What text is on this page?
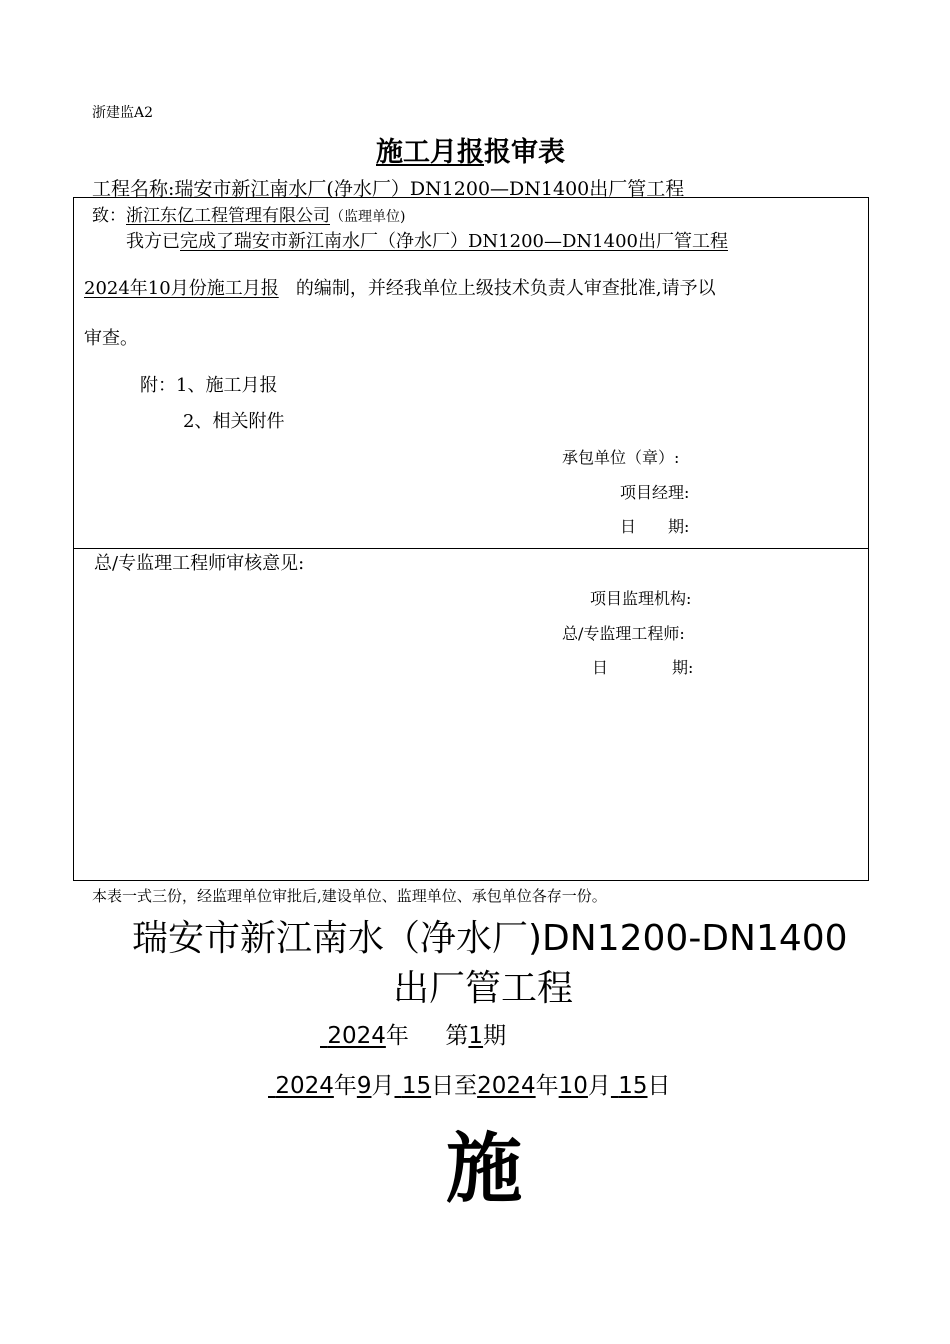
浙建监A2
施工月报报审表
工程名称:瑞安市新江南水厂(净水厂）DN1200—DN1400出厂管工程
致：浙江东亿工程管理有限公司（监理单位)
我方已完成了瑞安市新江南水厂（净水厂）DN1200—DN1400出厂管工程
2024年10月份施工月报 的编制，并经我单位上级技术负责人审查批准,请予以
审查。
附：1、施工月报
2、相关附件
承包单位（章）:
项目经理:
日　　期:
总/专监理工程师审核意见:
项目监理机构:
总/专监理工程师:
日　　　　期:
本表一式三份，经监理单位审批后,建设单位、监理单位、承包单位各存一份。
瑞安市新江南水（净水厂)DN1200-DN1400
出厂管工程
2024年 第1期
2024年9月 15日至2024年10月 15日
施
